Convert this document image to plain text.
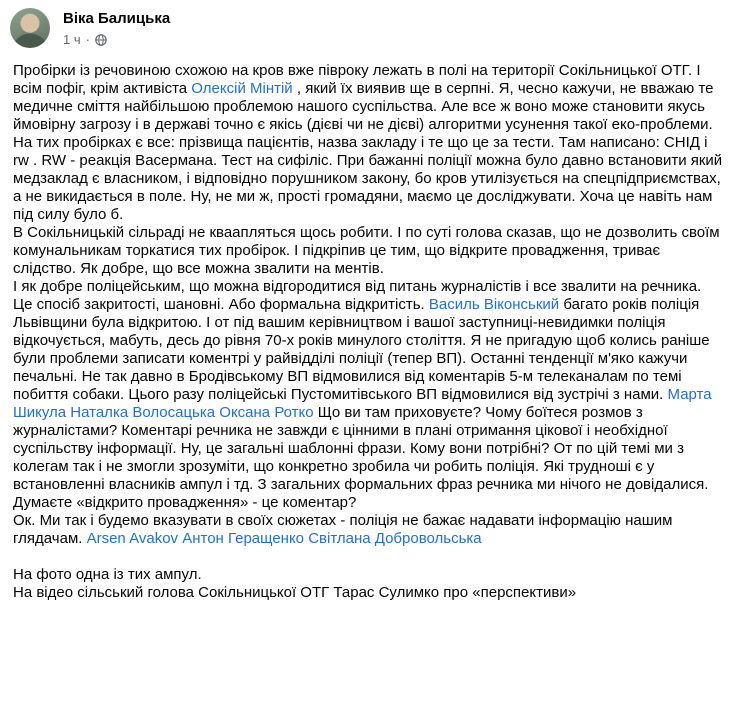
Віка Балицька
1 ч ·

Пробірки із речовиною схожою на кров вже півроку лежать в полі на території Сокільницької ОТГ. І всім пофіг, крім активіста Олексій Мінтій , який їх виявив ще в серпні. Я, чесно кажучи, не вважаю те медичне сміття найбільшою проблемою нашого суспільства. Але все ж воно може становити якусь ймовірну загрозу і в державі точно є якісь (дієві чи не дієві) алгоритми усунення такої еко-проблеми. На тих пробірках є все: прізвища пацієнтів, назва закладу і те що це за тести. Там написано: СНІД і rw . RW - реакція Васермана. Тест на сифіліс. При бажанні поліції можна було давно встановити який медзаклад є власником, і відповідно порушником закону, бо кров утилізується на спецпідприємствах, а не викидається в поле. Ну, не ми ж, прості громадяни, маємо це досліджувати. Хоча це навіть нам під силу було б.

В Сокільницькій сільраді не кваапляться щось робити. І по суті голова сказав, що не дозволить своїм комунальникам торкатися тих пробірок. І підкріпив це тим, що відкрите провадження, триває слідство. Як добре, що все можна звалити на ментів.

І як добре поліцейським, що можна відгородитися від питань журналістів і все звалити на речника. Це спосіб закритості, шановні. Або формальна відкритість. Василь Віконський багато років поліція Львівщини була відкритою. І от під вашим керівництвом і вашої заступниці-невидимки поліція відкочується, мабуть, десь до рівня 70-х років минулого століття. Я не пригадую щоб колись раніше були проблеми записати коментрі у райвідділі поліції (тепер ВП). Останні тенденції м'яко кажучи печальні. Не так давно в Бродівському ВП відмовилися від коментарів 5-м телеканалам по темі побиття собаки. Цього разу поліцейські Пустомитівського ВП відмовилися від зустрічі з нами. Марта Шикула Наталка Волосацька Оксана Ротко Що ви там приховуєте? Чому боїтеся розмов з журналістами? Коментарі речника не завжди є цінними в плані отримання цікової і необхідної суспільству інформації. Ну, це загальні шаблонні фрази. Кому вони потрібні? От по цій темі ми з колегам так і не змогли зрозуміти, що конкретно зробила чи робить поліція. Які трудноші є у встановленні власників ампул і тд. З загальних формальних фраз речника ми нічого не довідалися. Думаєте «відкрито провадження» - це коментар?

Ок. Ми так і будемо вказувати в своїх сюжетах - поліція не бажає надавати інформацію нашим глядачам. Arsen Avakov Антон Геращенко Світлана Добровольська

На фото одна із тих ампул.

На відео сільський голова Сокільницької ОТГ Тарас Сулимко про «перспективи»
